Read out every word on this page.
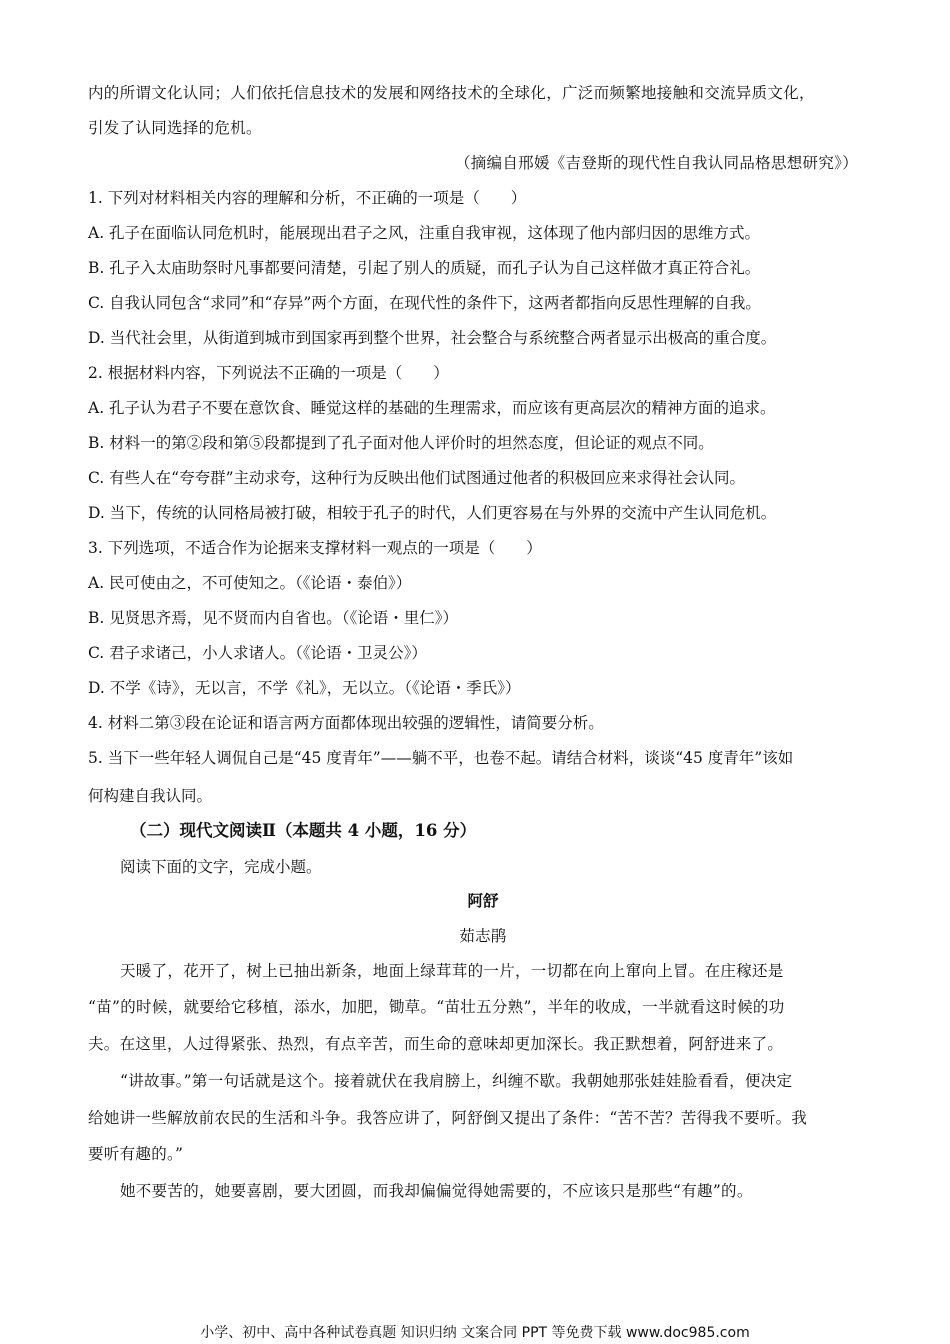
内的所谓文化认同；人们依托信息技术的发展和网络技术的全球化，广泛而频繁地接触和交流异质文化，
引发了认同选择的危机。
（摘编自邢媛《吉登斯的现代性自我认同品格思想研究》）
1. 下列对材料相关内容的理解和分析，不正确的一项是（　　）
A. 孔子在面临认同危机时，能展现出君子之风，注重自我审视，这体现了他内部归因的思维方式。
B. 孔子入太庙助祭时凡事都要问清楚，引起了别人的质疑，而孔子认为自己这样做才真正符合礼。
C. 自我认同包含“求同”和“存异”两个方面，在现代性的条件下，这两者都指向反思性理解的自我。
D. 当代社会里，从街道到城市到国家再到整个世界，社会整合与系统整合两者显示出极高的重合度。
2. 根据材料内容，下列说法不正确的一项是（　　）
A. 孔子认为君子不要在意饮食、睡觉这样的基础的生理需求，而应该有更高层次的精神方面的追求。
B. 材料一的第②段和第⑤段都提到了孔子面对他人评价时的坦然态度，但论证的观点不同。
C. 有些人在“夸夸群”主动求夸，这种行为反映出他们试图通过他者的积极回应来求得社会认同。
D. 当下，传统的认同格局被打破，相较于孔子的时代，人们更容易在与外界的交流中产生认同危机。
3. 下列选项，不适合作为论据来支撑材料一观点的一项是（　　）
A. 民可使由之，不可使知之。（《论语・泰伯》）
B. 见贤思齐焉，见不贤而内自省也。（《论语・里仁》）
C. 君子求诸己，小人求诸人。（《论语・卫灵公》）
D. 不学《诗》，无以言，不学《礼》，无以立。（《论语・季氏》）
4. 材料二第③段在论证和语言两方面都体现出较强的逻辑性，请简要分析。
5. 当下一些年轻人调侃自己是“45 度青年”——躺不平，也卷不起。请结合材料，谈谈“45 度青年”该如
何构建自我认同。
（二）现代文阅读Ⅱ（本题共 4 小题，16 分）
阅读下面的文字，完成小题。
阿舒
茹志鹃
天暖了，花开了，树上已抽出新条，地面上绿茸茸的一片，一切都在向上窜向上冒。在庄稼还是
“苗”的时候，就要给它移植，添水，加肥，锄草。“苗壮五分熟”，半年的收成，一半就看这时候的功
夫。在这里，人过得紧张、热烈，有点辛苦，而生命的意味却更加深长。我正默想着，阿舒进来了。
“讲故事。”第一句话就是这个。接着就伏在我肩膀上，纠缠不歇。我朝她那张娃娃脸看看，便决定
给她讲一些解放前农民的生活和斗争。我答应讲了，阿舒倒又提出了条件：“苦不苦？苦得我不要听。我
要听有趣的。”
她不要苦的，她要喜剧，要大团圆，而我却偏偏觉得她需要的，不应该只是那些“有趣”的。
小学、初中、高中各种试卷真题 知识归纳 文案合同 PPT 等免费下载 www.doc985.com
